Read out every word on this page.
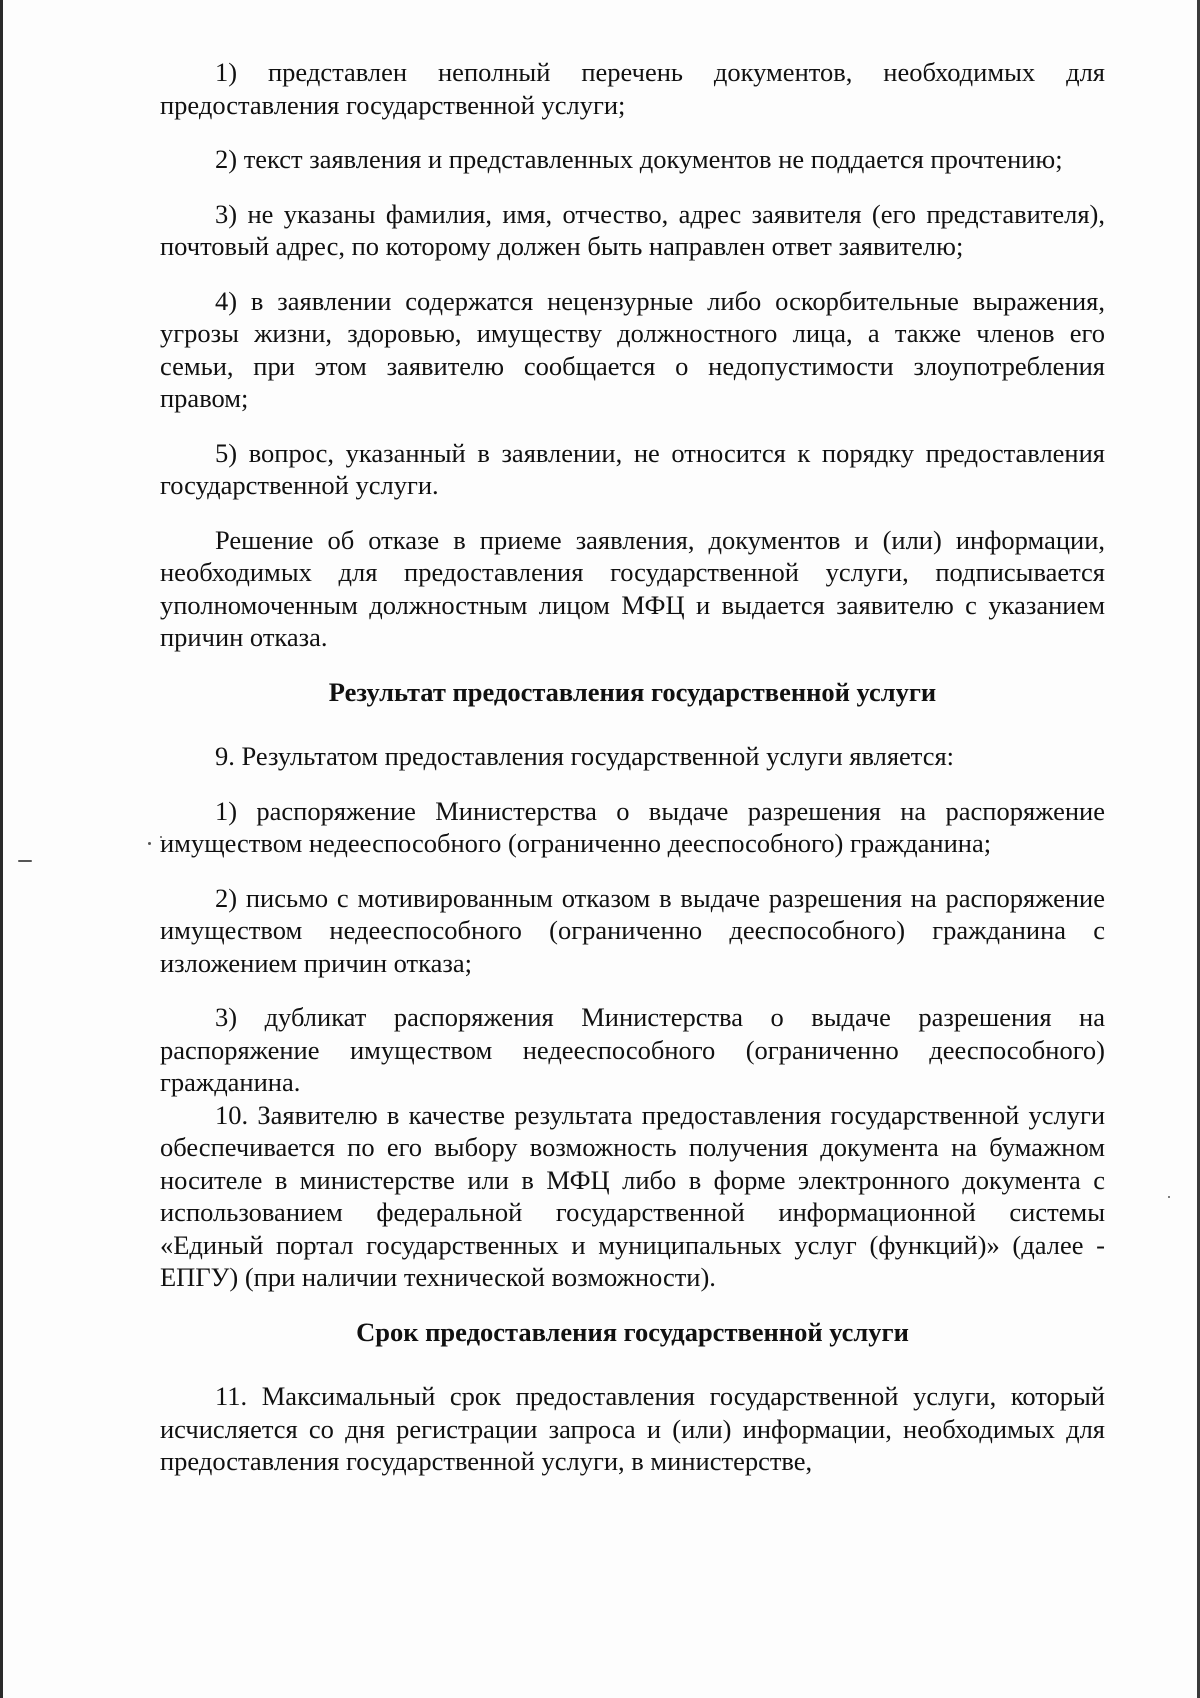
1) представлен неполный перечень документов, необходимых для предоставления государственной услуги;

2) текст заявления и представленных документов не поддается прочтению;

3) не указаны фамилия, имя, отчество, адрес заявителя (его представителя), почтовый адрес, по которому должен быть направлен ответ заявителю;

4) в заявлении содержатся нецензурные либо оскорбительные выражения, угрозы жизни, здоровью, имуществу должностного лица, а также членов его семьи, при этом заявителю сообщается о недопустимости злоупотребления правом;

5) вопрос, указанный в заявлении, не относится к порядку предоставления государственной услуги.

Решение об отказе в приеме заявления, документов и (или) информации, необходимых для предоставления государственной услуги, подписывается уполномоченным должностным лицом МФЦ и выдается заявителю с указанием причин отказа.

Результат предоставления государственной услуги

9. Результатом предоставления государственной услуги является:

1) распоряжение Министерства о выдаче разрешения на распоряжение имуществом недееспособного (ограниченно дееспособного) гражданина;

2) письмо с мотивированным отказом в выдаче разрешения на распоряжение имуществом недееспособного (ограниченно дееспособного) гражданина с изложением причин отказа;

3) дубликат распоряжения Министерства о выдаче разрешения на распоряжение имуществом недееспособного (ограниченно дееспособного) гражданина.

10. Заявителю в качестве результата предоставления государственной услуги обеспечивается по его выбору возможность получения документа на бумажном носителе в министерстве или в МФЦ либо в форме электронного документа с использованием федеральной государственной информационной системы «Единый портал государственных и муниципальных услуг (функций)» (далее - ЕПГУ) (при наличии технической возможности).

Срок предоставления государственной услуги

11. Максимальный срок предоставления государственной услуги, который исчисляется со дня регистрации запроса и (или) информации, необходимых для предоставления государственной услуги, в министерстве,
